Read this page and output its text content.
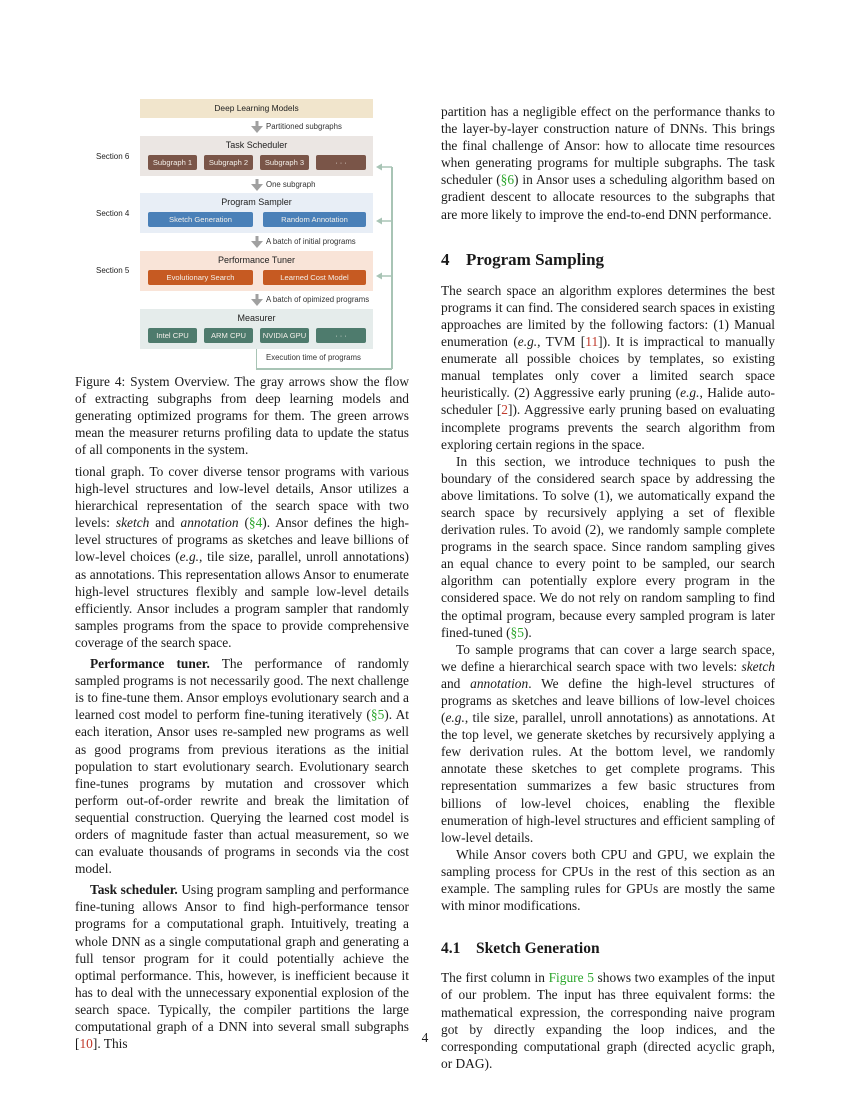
Deep Learning Models
Partitioned subgraphs
Section 6
Task Scheduler
Subgraph 1	Subgraph 2	Subgraph 3	· · ·
One subgraph
Section 4
Program Sampler
Sketch Generation	Random Annotation
A batch of initial programs
Section 5
Performance Tuner
Evolutionary Search	Learned Cost Model
A batch of opimized programs
Measurer
Intel CPU	ARM CPU	NVIDIA GPU	· · ·
Execution time of programs
Figure 4: System Overview. The gray arrows show the flow of extracting subgraphs from deep learning models and generating optimized programs for them. The green arrows mean the measurer returns profiling data to update the status of all components in the system.

tional graph. To cover diverse tensor programs with various high-level structures and low-level details, Ansor utilizes a hierarchical representation of the search space with two levels: sketch and annotation (§4). Ansor defines the high-level structures of programs as sketches and leave billions of low-level choices (e.g., tile size, parallel, unroll annotations) as annotations. This representation allows Ansor to enumerate high-level structures flexibly and sample low-level details efficiently. Ansor includes a program sampler that randomly samples programs from the space to provide comprehensive coverage of the search space.

Performance tuner. The performance of randomly sampled programs is not necessarily good. The next challenge is to fine-tune them. Ansor employs evolutionary search and a learned cost model to perform fine-tuning iteratively (§5). At each iteration, Ansor uses re-sampled new programs as well as good programs from previous iterations as the initial population to start evolutionary search. Evolutionary search fine-tunes programs by mutation and crossover which perform out-of-order rewrite and break the limitation of sequential construction. Querying the learned cost model is orders of magnitude faster than actual measurement, so we can evaluate thousands of programs in seconds via the cost model.

Task scheduler. Using program sampling and performance fine-tuning allows Ansor to find high-performance tensor programs for a computational graph. Intuitively, treating a whole DNN as a single computational graph and generating a full tensor program for it could potentially achieve the optimal performance. This, however, is inefficient because it has to deal with the unnecessary exponential explosion of the search space. Typically, the compiler partitions the large computational graph of a DNN into several small subgraphs [10]. This

partition has a negligible effect on the performance thanks to the layer-by-layer construction nature of DNNs. This brings the final challenge of Ansor: how to allocate time resources when generating programs for multiple subgraphs. The task scheduler (§6) in Ansor uses a scheduling algorithm based on gradient descent to allocate resources to the subgraphs that are more likely to improve the end-to-end DNN performance.

4 Program Sampling

The search space an algorithm explores determines the best programs it can find. The considered search spaces in existing approaches are limited by the following factors: (1) Manual enumeration (e.g., TVM [11]). It is impractical to manually enumerate all possible choices by templates, so existing manual templates only cover a limited search space heuristically. (2) Aggressive early pruning (e.g., Halide auto-scheduler [2]). Aggressive early pruning based on evaluating incomplete programs prevents the search algorithm from exploring certain regions in the space.

In this section, we introduce techniques to push the boundary of the considered search space by addressing the above limitations. To solve (1), we automatically expand the search space by recursively applying a set of flexible derivation rules. To avoid (2), we randomly sample complete programs in the search space. Since random sampling gives an equal chance to every point to be sampled, our search algorithm can potentially explore every program in the considered space. We do not rely on random sampling to find the optimal program, because every sampled program is later fined-tuned (§5).

To sample programs that can cover a large search space, we define a hierarchical search space with two levels: sketch and annotation. We define the high-level structures of programs as sketches and leave billions of low-level choices (e.g., tile size, parallel, unroll annotations) as annotations. At the top level, we generate sketches by recursively applying a few derivation rules. At the bottom level, we randomly annotate these sketches to get complete programs. This representation summarizes a few basic structures from billions of low-level choices, enabling the flexible enumeration of high-level structures and efficient sampling of low-level details.

While Ansor covers both CPU and GPU, we explain the sampling process for CPUs in the rest of this section as an example. The sampling rules for GPUs are mostly the same with minor modifications.

4.1 Sketch Generation

The first column in Figure 5 shows two examples of the input of our problem. The input has three equivalent forms: the mathematical expression, the corresponding naive program got by directly expanding the loop indices, and the corresponding computational graph (directed acyclic graph, or DAG).

4
